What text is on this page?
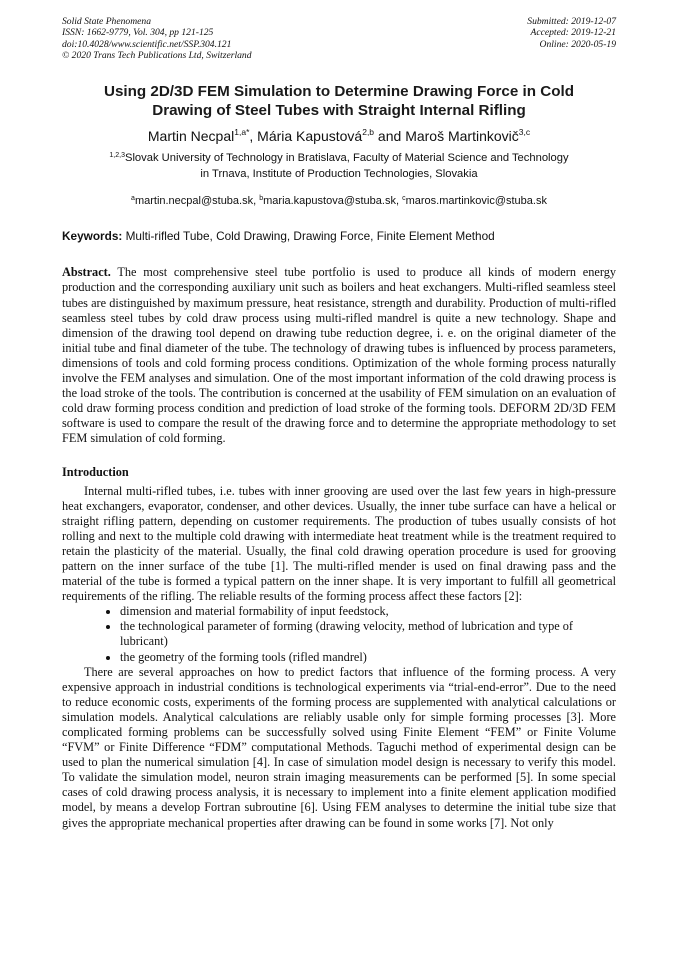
Solid State Phenomena
ISSN: 1662-9779, Vol. 304, pp 121-125
doi:10.4028/www.scientific.net/SSP.304.121
© 2020 Trans Tech Publications Ltd, Switzerland
Submitted: 2019-12-07
Accepted: 2019-12-21
Online: 2020-05-19
Using 2D/3D FEM Simulation to Determine Drawing Force in Cold
Drawing of Steel Tubes with Straight Internal Rifling
Martin Necpal$^{1,a*}$, Mária Kapustová$^{2,b}$ and Maroš Martinkovič$^{3,c}$
$^{1,2,3}$Slovak University of Technology in Bratislava, Faculty of Material Science and Technology
in Trnava, Institute of Production Technologies, Slovakia
$^a$martin.necpal@stuba.sk, $^b$maria.kapustova@stuba.sk, $^c$maros.martinkovic@stuba.sk
Keywords: Multi-rifled Tube, Cold Drawing, Drawing Force, Finite Element Method
Abstract. The most comprehensive steel tube portfolio is used to produce all kinds of modern energy production and the corresponding auxiliary unit such as boilers and heat exchangers. Multi-rifled seamless steel tubes are distinguished by maximum pressure, heat resistance, strength and durability. Production of multi-rifled seamless steel tubes by cold draw process using multi-rifled mandrel is quite a new technology. Shape and dimension of the drawing tool depend on drawing tube reduction degree, i. e. on the original diameter of the initial tube and final diameter of the tube. The technology of drawing tubes is influenced by process parameters, dimensions of tools and cold forming process conditions. Optimization of the whole forming process naturally involve the FEM analyses and simulation. One of the most important information of the cold drawing process is the load stroke of the tools. The contribution is concerned at the usability of FEM simulation on an evaluation of cold draw forming process condition and prediction of load stroke of the forming tools. DEFORM 2D/3D FEM software is used to compare the result of the drawing force and to determine the appropriate methodology to set FEM simulation of cold forming.
Introduction

Internal multi-rifled tubes, i.e. tubes with inner grooving are used over the last few years in high-pressure heat exchangers, evaporator, condenser, and other devices. Usually, the inner tube surface can have a helical or straight rifling pattern, depending on customer requirements. The production of tubes usually consists of hot rolling and next to the multiple cold drawing with intermediate heat treatment while is the treatment required to retain the plasticity of the material. Usually, the final cold drawing operation procedure is used for grooving pattern on the inner surface of the tube [1]. The multi-rifled mender is used on final drawing pass and the material of the tube is formed a typical pattern on the inner shape. It is very important to fulfill all geometrical requirements of the rifling. The reliable results of the forming process affect these factors [2]:

• dimension and material formability of input feedstock,
• the technological parameter of forming (drawing velocity, method of lubrication and type of lubricant)
• the geometry of the forming tools (rifled mandrel)

There are several approaches on how to predict factors that influence of the forming process. A very expensive approach in industrial conditions is technological experiments via “trial-end-error”. Due to the need to reduce economic costs, experiments of the forming process are supplemented with analytical calculations or simulation models. Analytical calculations are reliably usable only for simple forming processes [3]. More complicated forming problems can be successfully solved using Finite Element “FEM” or Finite Volume “FVM” or Finite Difference “FDM” computational Methods. Taguchi method of experimental design can be used to plan the numerical simulation [4]. In case of simulation model design is necessary to verify this model. To validate the simulation model, neuron strain imaging measurements can be performed [5]. In some special cases of cold drawing process analysis, it is necessary to implement into a finite element application modified model, by means a develop Fortran subroutine [6]. Using FEM analyses to determine the initial tube size that gives the appropriate mechanical properties after drawing can be found in some works [7]. Not only
